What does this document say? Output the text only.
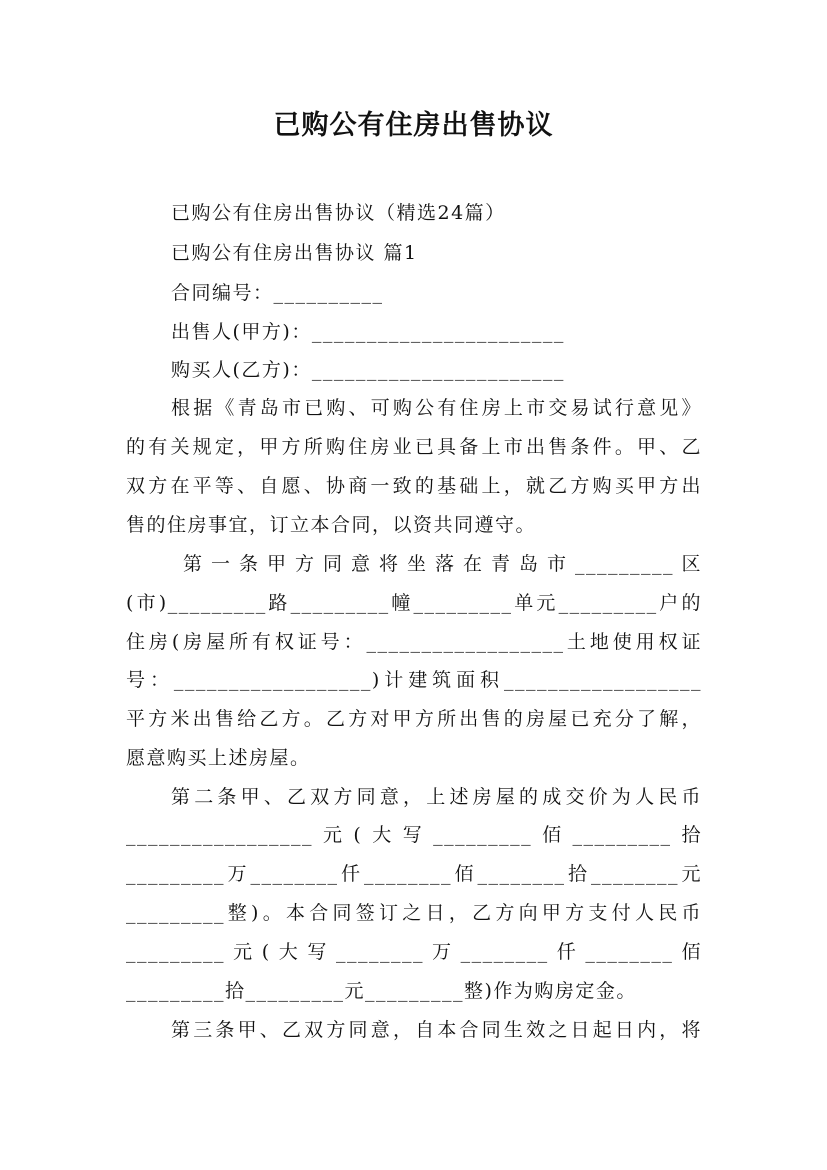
已购公有住房出售协议
已购公有住房出售协议（精选24篇）
已购公有住房出售协议 篇1
合同编号：__________
出售人(甲方)：_______________________
购买人(乙方)：_______________________
根据《青岛市已购、可购公有住房上市交易试行意见》
的有关规定，甲方所购住房业已具备上市出售条件。甲、乙
双方在平等、自愿、协商一致的基础上，就乙方购买甲方出
售的住房事宜，订立本合同，以资共同遵守。
第一条甲方同意将坐落在青岛市_________区
(市)_________路_________幢_________单元_________户的
住房(房屋所有权证号：__________________土地使用权证
号：__________________)计建筑面积__________________
平方米出售给乙方。乙方对甲方所出售的房屋已充分了解，
愿意购买上述房屋。
第二条甲、乙双方同意，上述房屋的成交价为人民币
_________________元(大写_________佰_________拾
_________万________仟________佰________拾________元
_________整)。本合同签订之日，乙方向甲方支付人民币
_________元(大写________万________仟________佰
_________拾_________元_________整)作为购房定金。
第三条甲、乙双方同意，自本合同生效之日起日内，将
